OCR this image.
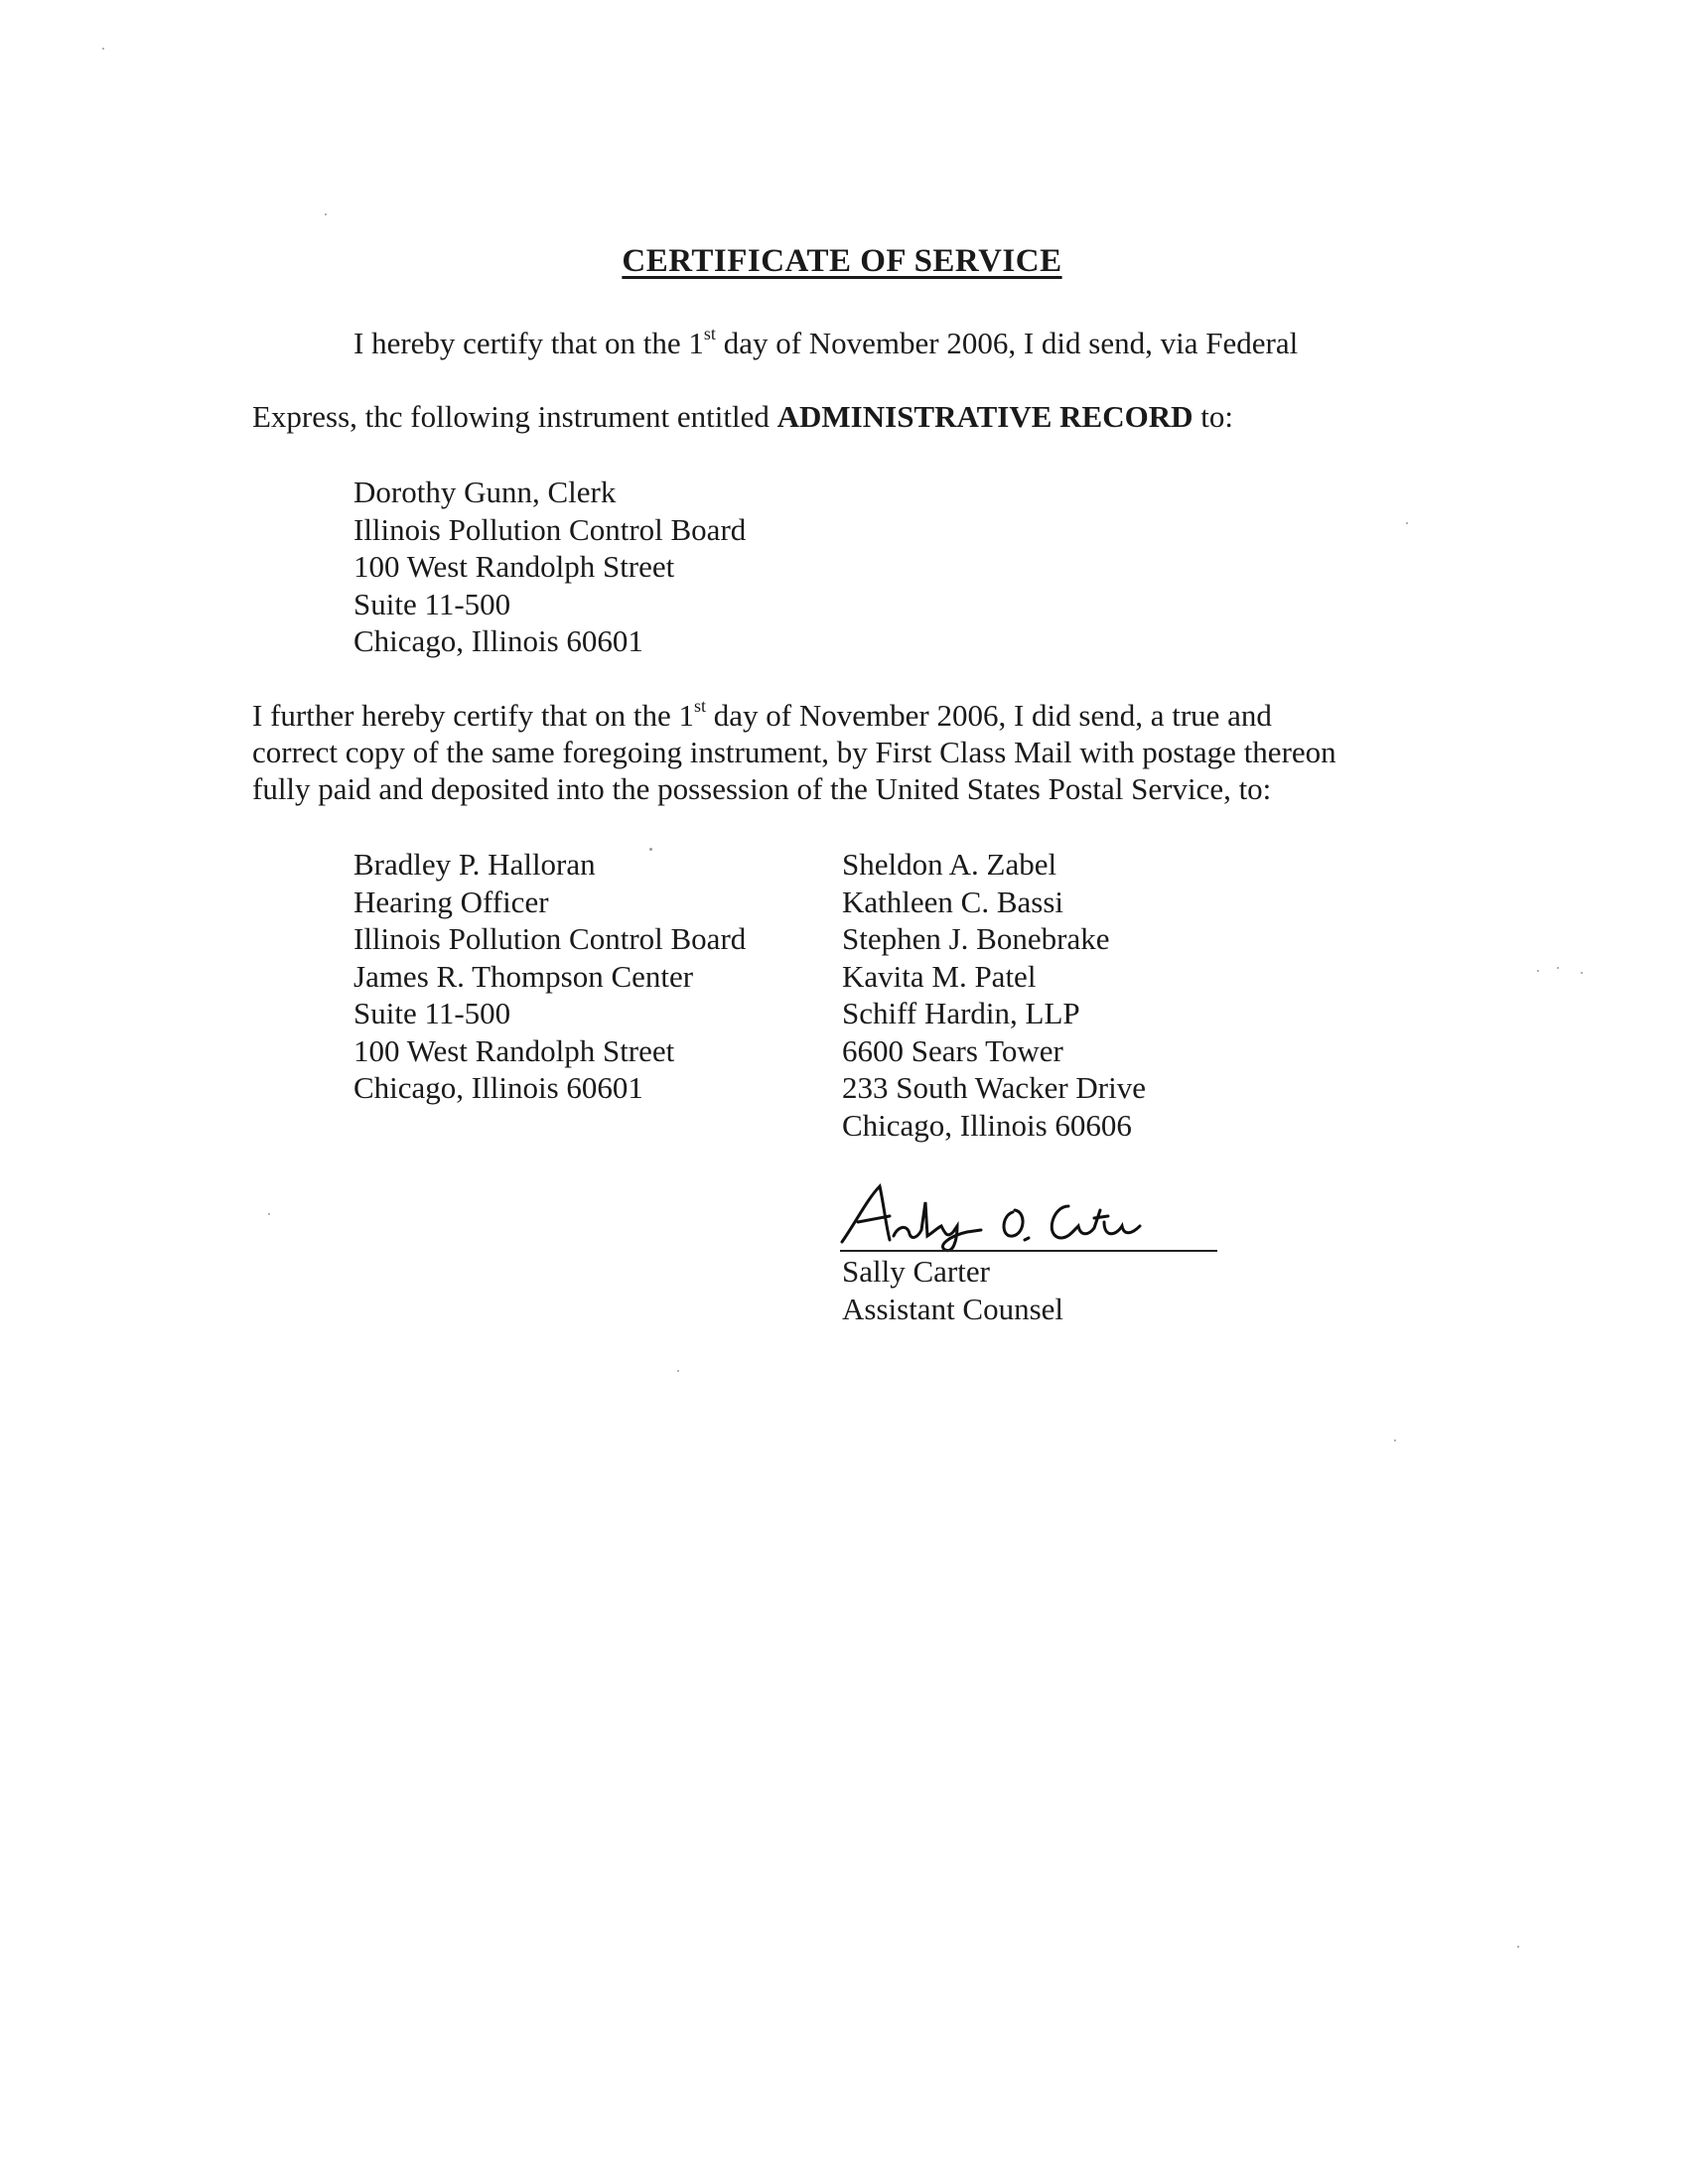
CERTIFICATE OF SERVICE
I hereby certify that on the 1st day of November 2006, I did send, via Federal
Express, thc following instrument entitled ADMINISTRATIVE RECORD to:
Dorothy Gunn, Clerk
Illinois Pollution Control Board
100 West Randolph Street
Suite 11-500
Chicago, Illinois 60601
I further hereby certify that on the 1st day of November 2006, I did send, a true and
correct copy of the same foregoing instrument, by First Class Mail with postage thereon
fully paid and deposited into the possession of the United States Postal Service, to:
Bradley P. Halloran
Hearing Officer
Illinois Pollution Control Board
James R. Thompson Center
Suite 11-500
100 West Randolph Street
Chicago, Illinois 60601
Sheldon A. Zabel
Kathleen C. Bassi
Stephen J. Bonebrake
Kavita M. Patel
Schiff Hardin, LLP
6600 Sears Tower
233 South Wacker Drive
Chicago, Illinois 60606
Sally Carter
Assistant Counsel
